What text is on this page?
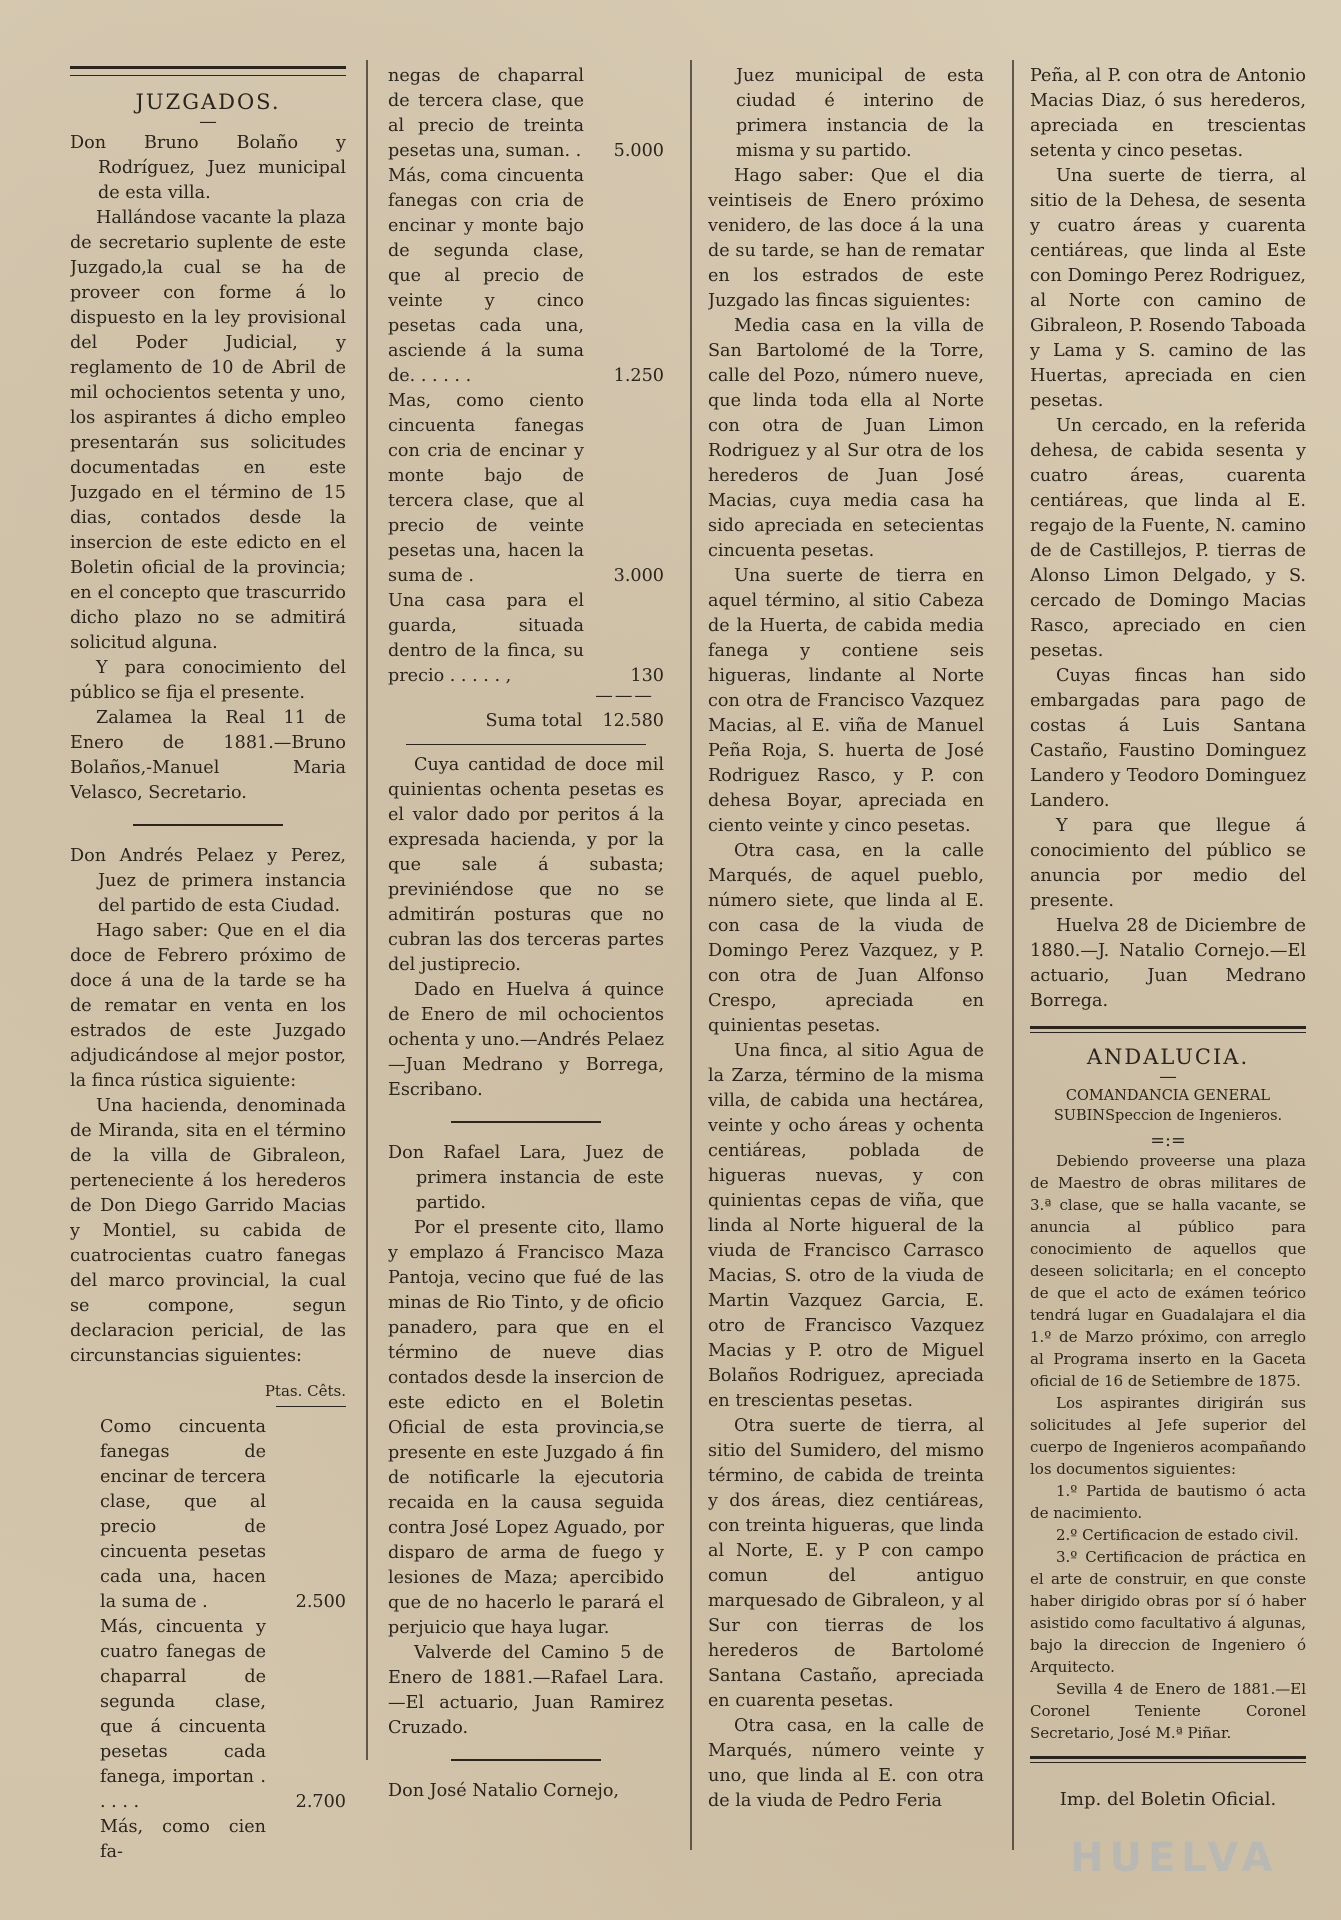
JUZGADOS.
—

Don Bruno Bolaño y Rodríguez, Juez municipal de esta villa.

Hallándose vacante la plaza de secretario suplente de este Juzgado,la cual se ha de proveer con forme á lo dispuesto en la ley provisional del Poder Judicial, y reglamento de 10 de Abril de mil ochocientos setenta y uno, los aspirantes á dicho empleo presentarán sus solicitudes documentadas en este Juzgado en el término de 15 dias, contados desde la insercion de este edicto en el Boletin oficial de la provincia; en el concepto que trascurrido dicho plazo no se admitirá solicitud alguna.

Y para conocimiento del público se fija el presente.

Zalamea la Real 11 de Enero de 1881.—Bruno Bolaños,-Manuel Maria Velasco, Secretario.

Don Andrés Pelaez y Perez, Juez de primera instancia del partido de esta Ciudad.

Hago saber: Que en el dia doce de Febrero próximo de doce á una de la tarde se ha de rematar en venta en los estrados de este Juzgado adjudicándose al mejor postor, la finca rústica siguiente:

Una hacienda, denominada de Miranda, sita en el término de la villa de Gibraleon, perteneciente á los herederos de Don Diego Garrido Macias y Montiel, su cabida de cuatrocientas cuatro fanegas del marco provincial, la cual se compone, segun declaracion pericial, de las circunstancias siguientes:

Ptas. Cêts.

Como cincuenta fanegas de encinar de tercera clase, que al precio de cincuenta pesetas cada una, hacen la suma de .	2.500

Más, cincuenta y cuatro fanegas de chaparral de segunda clase, que á cincuenta pesetas cada fanega, importan . . . . .	2.700

Más, como cien fa-

negas de chaparral de tercera clase, que al precio de treinta pesetas una, suman. . 5.000

Más, coma cincuenta fanegas con cria de encinar y monte bajo de segunda clase, que al precio de veinte y cinco pesetas cada una, asciende á la suma de. . . . . .	1.250

Mas, como ciento cincuenta fanegas con cria de encinar y monte bajo de tercera clase, que al precio de veinte pesetas una, hacen la suma de .	3.000

Una casa para el guarda, situada dentro de la finca, su precio . . . . . ,	130

———
Suma total 12.580

Cuya cantidad de doce mil quinientas ochenta pesetas es el valor dado por peritos á la expresada hacienda, y por la que sale á subasta; previniéndose que no se admitirán posturas que no cubran las dos terceras partes del justiprecio.

Dado en Huelva á quince de Enero de mil ochocientos ochenta y uno.—Andrés Pelaez —Juan Medrano y Borrega, Escribano.

Don Rafael Lara, Juez de primera instancia de este partido.

Por el presente cito, llamo y emplazo á Francisco Maza Pantoja, vecino que fué de las minas de Rio Tinto, y de oficio panadero, para que en el término de nueve dias contados desde la insercion de este edicto en el Boletin Oficial de esta provincia,se presente en este Juzgado á fin de notificarle la ejecutoria recaida en la causa seguida contra José Lopez Aguado, por disparo de arma de fuego y lesiones de Maza; apercibido que de no hacerlo le parará el perjuicio que haya lugar.

Valverde del Camino 5 de Enero de 1881.—Rafael Lara.—El actuario, Juan Ramirez Cruzado.

Don José Natalio Cornejo,

Juez municipal de esta ciudad é interino de primera instancia de la misma y su partido.

Hago saber: Que el dia veintiseis de Enero próximo venidero, de las doce á la una de su tarde, se han de rematar en los estrados de este Juzgado las fincas siguientes:

Media casa en la villa de San Bartolomé de la Torre, calle del Pozo, número nueve, que linda toda ella al Norte con otra de Juan Limon Rodriguez y al Sur otra de los herederos de Juan José Macias, cuya media casa ha sido apreciada en setecientas cincuenta pesetas.

Una suerte de tierra en aquel término, al sitio Cabeza de la Huerta, de cabida media fanega y contiene seis higueras, lindante al Norte con otra de Francisco Vazquez Macias, al E. viña de Manuel Peña Roja, S. huerta de José Rodriguez Rasco, y P. con dehesa Boyar, apreciada en ciento veinte y cinco pesetas.

Otra casa, en la calle Marqués, de aquel pueblo, número siete, que linda al E. con casa de la viuda de Domingo Perez Vazquez, y P. con otra de Juan Alfonso Crespo, apreciada en quinientas pesetas.

Una finca, al sitio Agua de la Zarza, término de la misma villa, de cabida una hectárea, veinte y ocho áreas y ochenta centiáreas, poblada de higueras nuevas, y con quinientas cepas de viña, que linda al Norte higueral de la viuda de Francisco Carrasco Macias, S. otro de la viuda de Martin Vazquez Garcia, E. otro de Francisco Vazquez Macias y P. otro de Miguel Bolaños Rodriguez, apreciada en trescientas pesetas.

Otra suerte de tierra, al sitio del Sumidero, del mismo término, de cabida de treinta y dos áreas, diez centiáreas, con treinta higueras, que linda al Norte, E. y P con campo comun del antiguo marquesado de Gibraleon, y al Sur con tierras de los herederos de Bartolomé Santana Castaño, apreciada en cuarenta pesetas.

Otra casa, en la calle de Marqués, número veinte y uno, que linda al E. con otra de la viuda de Pedro Feria

Peña, al P. con otra de Antonio Macias Diaz, ó sus herederos, apreciada en trescientas setenta y cinco pesetas.

Una suerte de tierra, al sitio de la Dehesa, de sesenta y cuatro áreas y cuarenta centiáreas, que linda al Este con Domingo Perez Rodriguez, al Norte con camino de Gibraleon, P. Rosendo Taboada y Lama y S. camino de las Huertas, apreciada en cien pesetas.

Un cercado, en la referida dehesa, de cabida sesenta y cuatro áreas, cuarenta centiáreas, que linda al E. regajo de la Fuente, N. camino de de Castillejos, P. tierras de Alonso Limon Delgado, y S. cercado de Domingo Macias Rasco, apreciado en cien pesetas.

Cuyas fincas han sido embargadas para pago de costas á Luis Santana Castaño, Faustino Dominguez Landero y Teodoro Dominguez Landero.

Y para que llegue á conocimiento del público se anuncia por medio del presente.

Huelva 28 de Diciembre de 1880.—J. Natalio Cornejo.—El actuario, Juan Medrano Borrega.

ANDALUCIA.
—
COMANDANCIA GENERAL SUBINSpeccion de Ingenieros.
=:=

Debiendo proveerse una plaza de Maestro de obras militares de 3.ª clase, que se halla vacante, se anuncia al público para conocimiento de aquellos que deseen solicitarla; en el concepto de que el acto de exámen teórico tendrá lugar en Guadalajara el dia 1.º de Marzo próximo, con arreglo al Programa inserto en la Gaceta oficial de 16 de Setiembre de 1875.

Los aspirantes dirigirán sus solicitudes al Jefe superior del cuerpo de Ingenieros acompañando los documentos siguientes:

1.º Partida de bautismo ó acta de nacimiento.

2.º Certificacion de estado civil.

3.º Certificacion de práctica en el arte de construir, en que conste haber dirigido obras por sí ó haber asistido como facultativo á algunas, bajo la direccion de Ingeniero ó Arquitecto.

Sevilla 4 de Enero de 1881.—El Coronel Teniente Coronel Secretario, José M.ª Piñar.

Imp. del Boletin Oficial.
HUELVA
